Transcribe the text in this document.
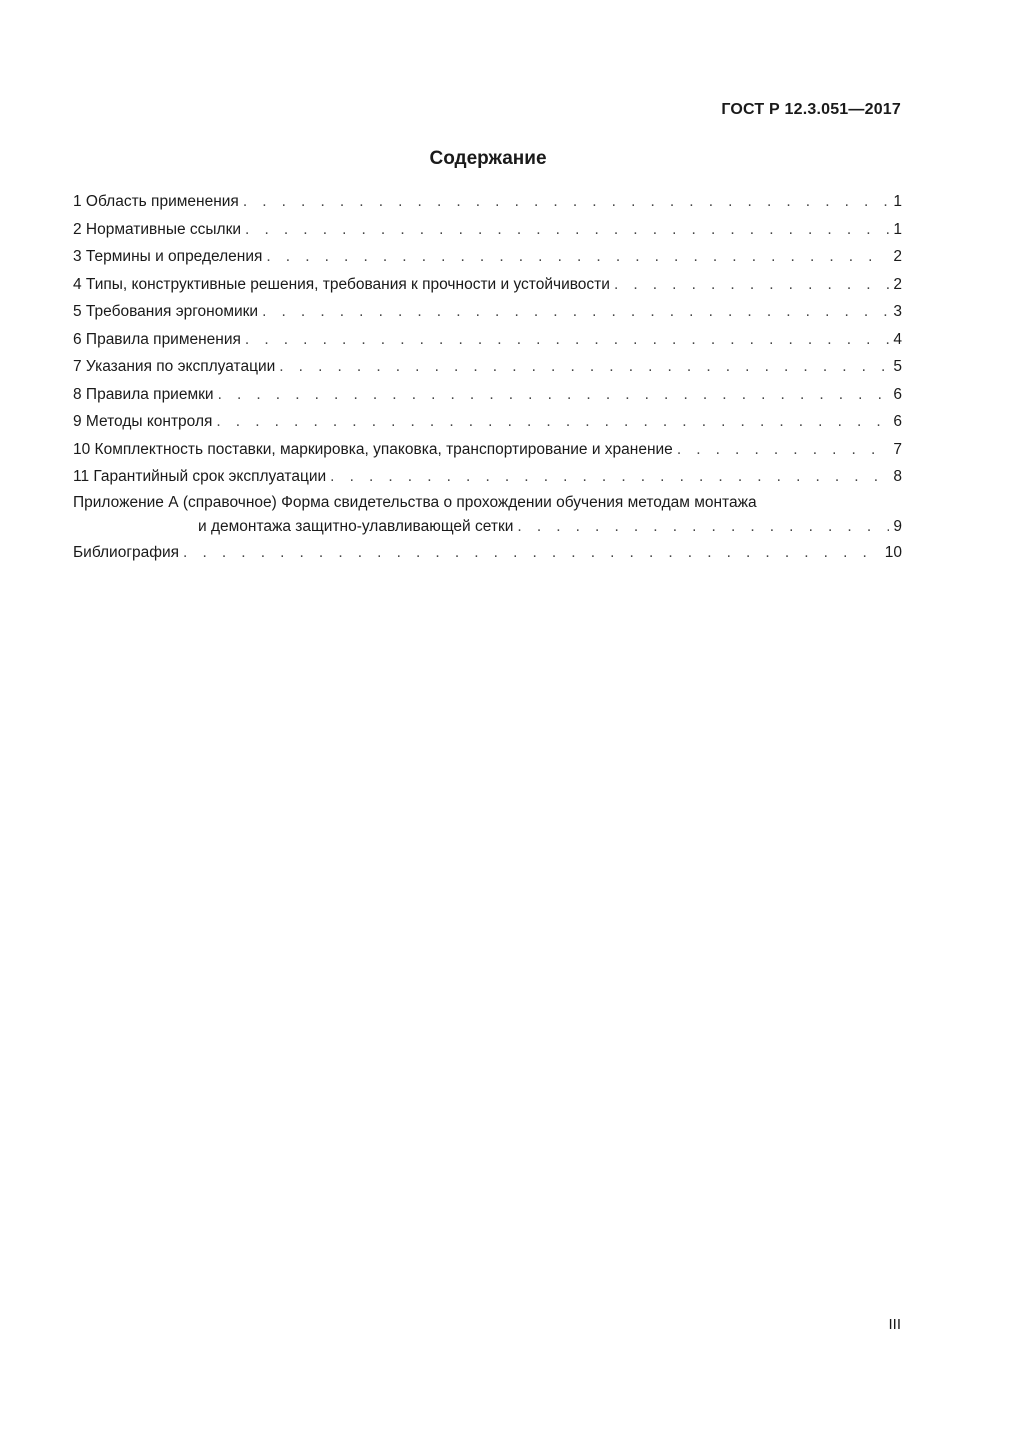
ГОСТ Р 12.3.051—2017
Содержание
1 Область применения . . .	1
2 Нормативные ссылки . . .	1
3 Термины и определения . . .	2
4 Типы, конструктивные решения, требования к прочности и устойчивости . . .	2
5 Требования эргономики . . .	3
6 Правила применения . . .	4
7 Указания по эксплуатации . . .	5
8 Правила приемки . . .	6
9 Методы контроля . . .	6
10 Комплектность поставки, маркировка, упаковка, транспортирование и хранение . . .	7
11 Гарантийный срок эксплуатации . . .	8
Приложение А (справочное) Форма свидетельства о прохождении обучения методам монтажа
и демонтажа защитно-улавливающей сетки . . .	9
Библиография . . .	10
III
